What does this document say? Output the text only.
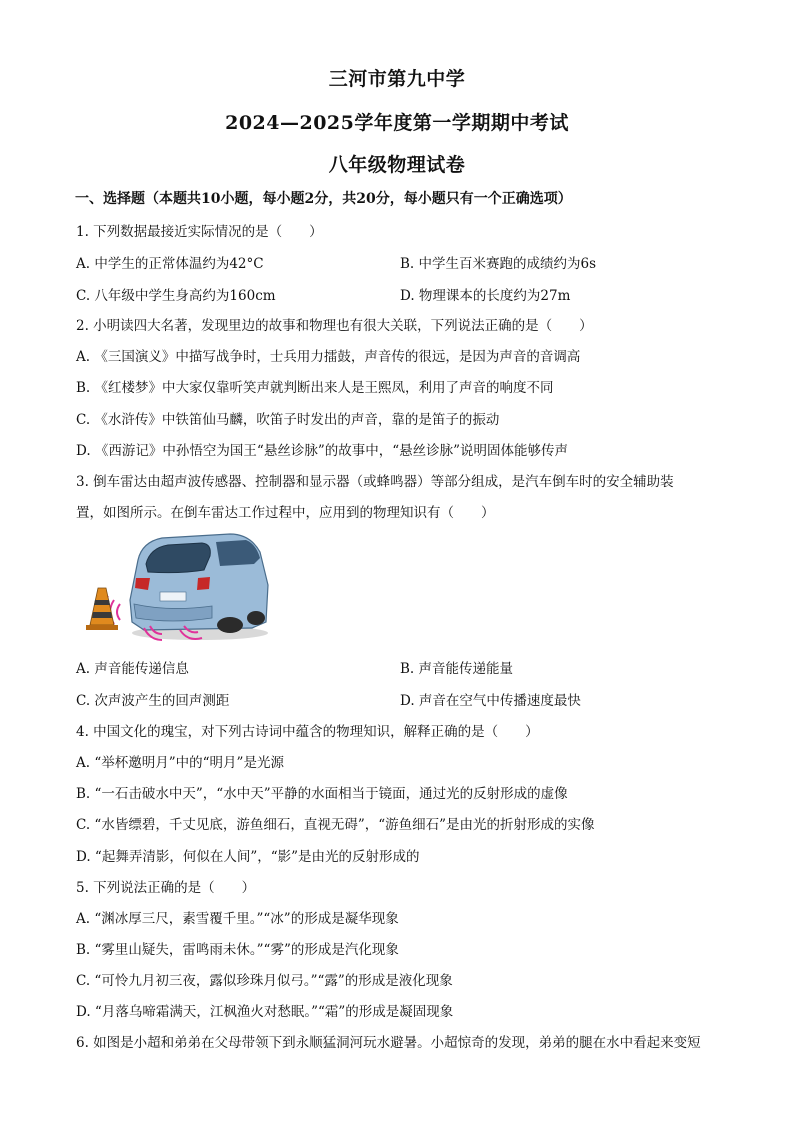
三河市第九中学
2024—2025学年度第一学期期中考试
八年级物理试卷
一、选择题（本题共10小题，每小题2分，共20分，每小题只有一个正确选项）
1. 下列数据最接近实际情况的是（　　）
A. 中学生的正常体温约为42°C	B. 中学生百米赛跑的成绩约为6s
C. 八年级中学生身高约为160cm	D. 物理课本的长度约为27m
2. 小明读四大名著，发现里边的故事和物理也有很大关联，下列说法正确的是（　　）
A. 《三国演义》中描写战争时，士兵用力擂鼓，声音传的很远，是因为声音的音调高
B. 《红楼梦》中大家仅靠听笑声就判断出来人是王熙凤，利用了声音的响度不同
C. 《水浒传》中铁笛仙马麟，吹笛子时发出的声音，靠的是笛子的振动
D. 《西游记》中孙悟空为国王“悬丝诊脉”的故事中，“悬丝诊脉”说明固体能够传声
3. 倒车雷达由超声波传感器、控制器和显示器（或蜂鸣器）等部分组成，是汽车倒车时的安全辅助装
置，如图所示。在倒车雷达工作过程中，应用到的物理知识有（　　）
A. 声音能传递信息	B. 声音能传递能量
C. 次声波产生的回声测距	D. 声音在空气中传播速度最快
4. 中国文化的瑰宝，对下列古诗词中蕴含的物理知识，解释正确的是（　　）
A. “举杯邀明月”中的“明月”是光源
B. “一石击破水中天”，“水中天”平静的水面相当于镜面，通过光的反射形成的虚像
C. “水皆缥碧，千丈见底，游鱼细石，直视无碍”，“游鱼细石”是由光的折射形成的实像
D. “起舞弄清影，何似在人间”，“影”是由光的反射形成的
5. 下列说法正确的是（　　）
A. “渊冰厚三尺，素雪覆千里。”“冰”的形成是凝华现象
B. “雾里山疑失，雷鸣雨未休。”“雾”的形成是汽化现象
C. “可怜九月初三夜，露似珍珠月似弓。”“露”的形成是液化现象
D. “月落乌啼霜满天，江枫渔火对愁眠。”“霜”的形成是凝固现象
6. 如图是小超和弟弟在父母带领下到永顺猛洞河玩水避暑。小超惊奇的发现，弟弟的腿在水中看起来变短
